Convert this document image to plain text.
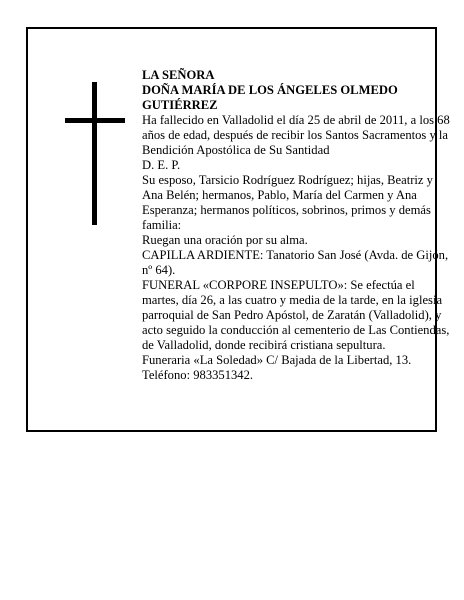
LA SEÑORA

DOÑA MARÍA DE LOS ÁNGELES OLMEDO GUTIÉRREZ

Ha fallecido en Valladolid el día 25 de abril de 2011, a los 68 años de edad, después de recibir los Santos Sacramentos y la Bendición Apostólica de Su Santidad

D. E. P.

Su esposo, Tarsicio Rodríguez Rodríguez; hijas, Beatriz y Ana Belén; hermanos, Pablo, María del Carmen y Ana Esperanza; hermanos políticos, sobrinos, primos y demás familia:

Ruegan una oración por su alma.

CAPILLA ARDIENTE: Tanatorio San José (Avda. de Gijón, nº 64).

FUNERAL «CORPORE INSEPULTO»: Se efectúa el martes, día 26, a las cuatro y media de la tarde, en la iglesia parroquial de San Pedro Apóstol, de Zaratán (Valladolid), y acto seguido la conducción al cementerio de Las Contiendas, de Valladolid, donde recibirá cristiana sepultura.

Funeraria «La Soledad» C/ Bajada de la Libertad, 13. Teléfono: 983351342.
